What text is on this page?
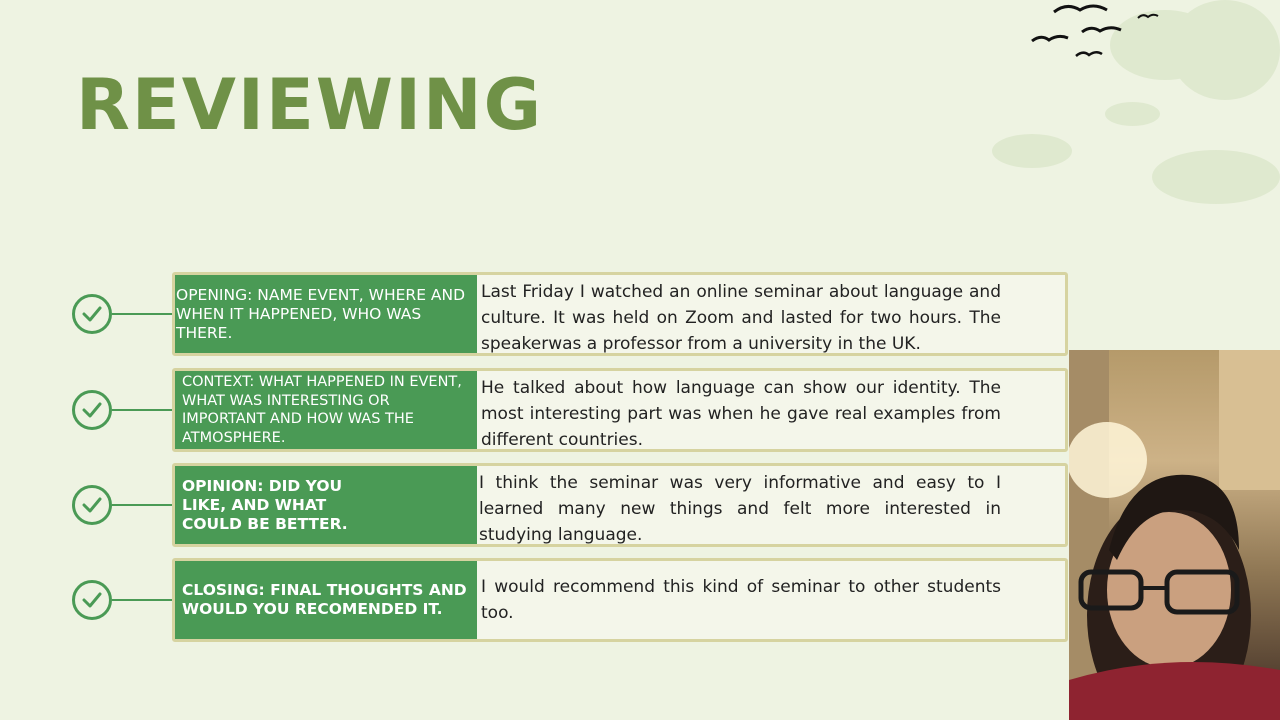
REVIEWING
OPENING: NAME EVENT, WHERE AND WHEN IT HAPPENED, WHO WAS THERE.
Last Friday I watched an online seminar about language and culture. It was held on Zoom and lasted for two hours. The speakerwas a professor from a university in the UK.
CONTEXT: WHAT HAPPENED IN EVENT, WHAT WAS INTERESTING OR IMPORTANT AND HOW WAS THE ATMOSPHERE.
He talked about how language can show our identity. The most interesting part was when he gave real examples from different countries.
OPINION: DID YOU LIKE, AND WHAT COULD BE BETTER.
I think the seminar was very informative and easy to I learned many new things and felt more interested in studying language.
CLOSING: FINAL THOUGHTS AND WOULD YOU RECOMENDED IT.
I would recommend this kind of seminar to other students too.
